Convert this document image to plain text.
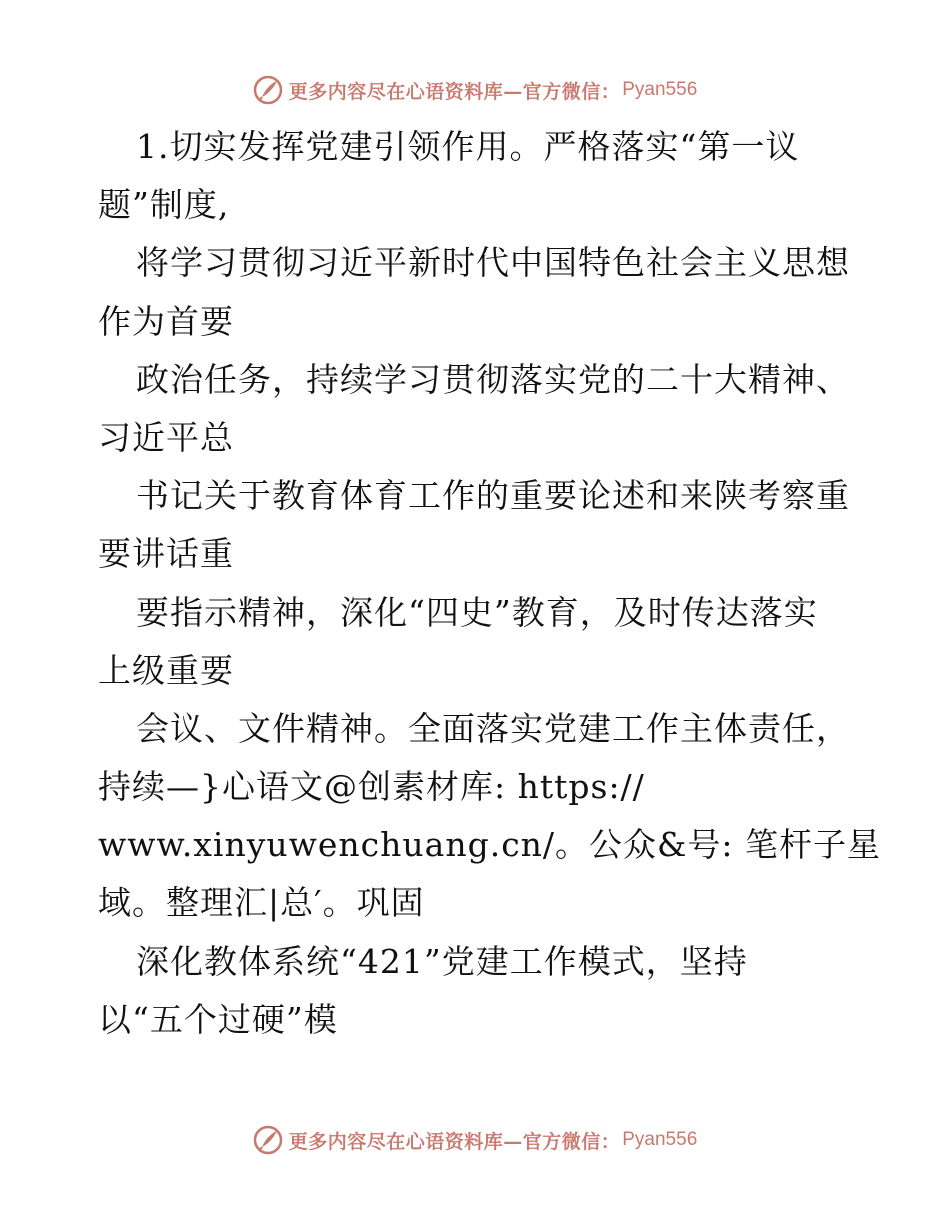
更多内容尽在心语资料库—官方微信： Pyan556
1.切实发挥党建引领作用。严格落实“第一议
题”制度,
将学习贯彻习近平新时代中国特色社会主义思想
作为首要
政治任务，持续学习贯彻落实党的二十大精神、
习近平总
书记关于教育体育工作的重要论述和来陕考察重
要讲话重
要指示精神，深化“四史”教育，及时传达落实
上级重要
会议、文件精神。全面落实党建工作主体责任，
持续—}心语文@创素材库: https://
www.xinyuwenchuang.cn/。公众&号: 笔杆子星
域。整理汇|总′。巩固
深化教体系统“421”党建工作模式，坚持
以“五个过硬”模
更多内容尽在心语资料库—官方微信： Pyan556
